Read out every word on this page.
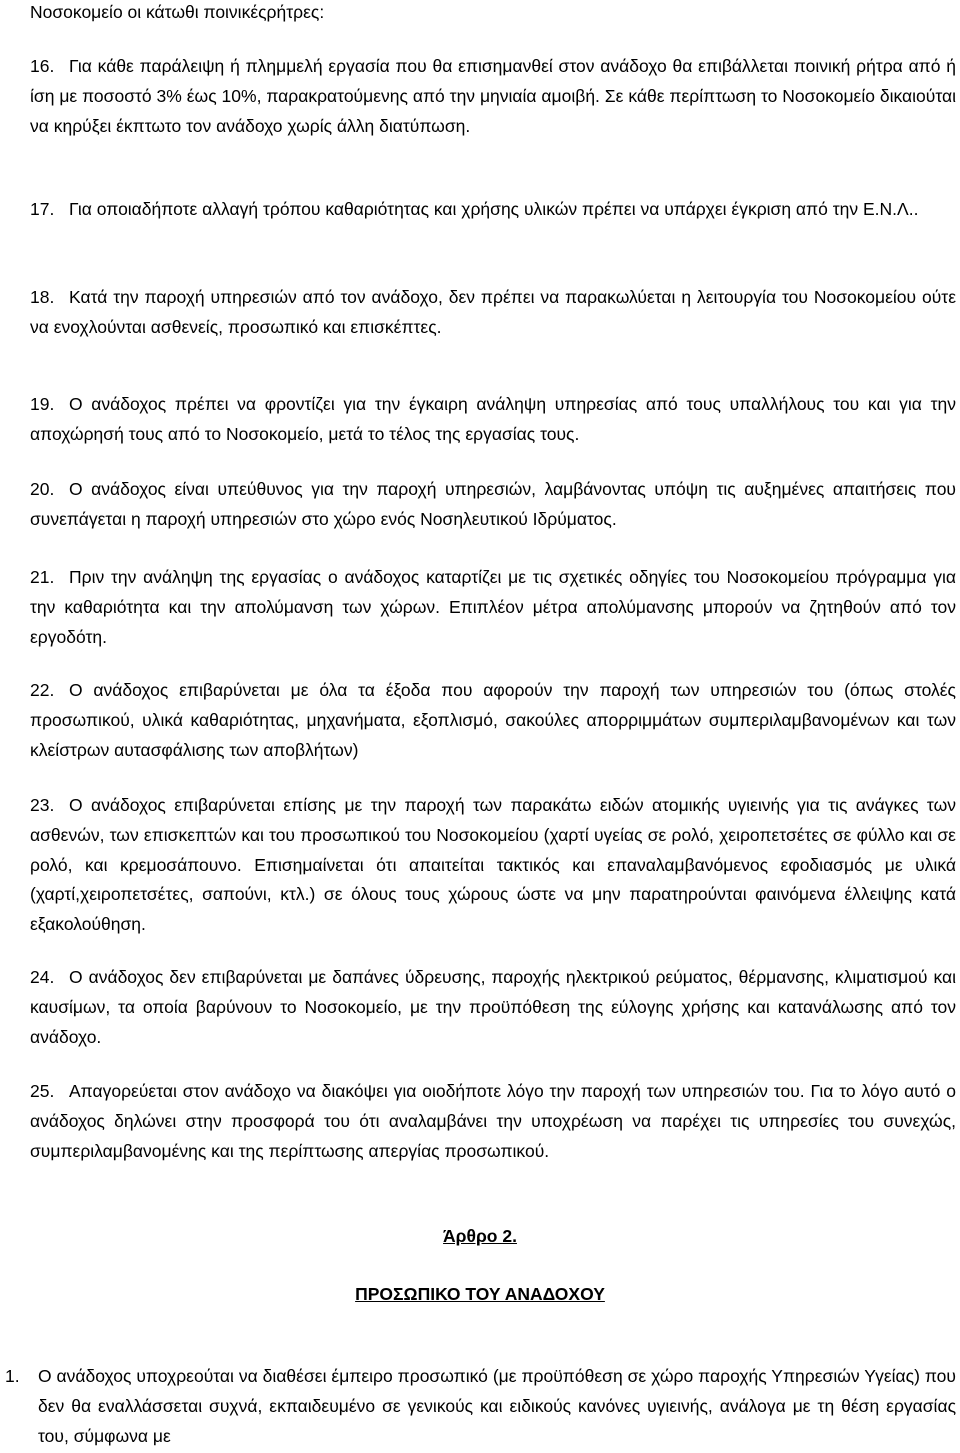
Νοσοκομείο οι κάτωθι ποινικέςρήτρες:

16. Για κάθε παράλειψη ή πλημμελή εργασία που θα επισημανθεί στον ανάδοχο θα επιβάλλεται ποινική ρήτρα από ή ίση με ποσοστό 3% έως 10%, παρακρατούμενης από την μηνιαία αμοιβή. Σε κάθε περίπτωση το Νοσοκομείο δικαιούται να κηρύξει έκπτωτο τον ανάδοχο χωρίς άλλη διατύπωση.

17. Για οποιαδήποτε αλλαγή τρόπου καθαριότητας και χρήσης υλικών πρέπει να υπάρχει έγκριση από την Ε.Ν.Λ..

18. Κατά την παροχή υπηρεσιών από τον ανάδοχο, δεν πρέπει να παρακωλύεται η λειτουργία του Νοσοκομείου ούτε να ενοχλούνται ασθενείς, προσωπικό και επισκέπτες.

19. Ο ανάδοχος πρέπει να φροντίζει για την έγκαιρη ανάληψη υπηρεσίας από τους υπαλλήλους του και για την αποχώρησή τους από το Νοσοκομείο, μετά το τέλος της εργασίας τους.

20. Ο ανάδοχος είναι υπεύθυνος για την παροχή υπηρεσιών, λαμβάνοντας υπόψη τις αυξημένες απαιτήσεις που συνεπάγεται η παροχή υπηρεσιών στο χώρο ενός Νοσηλευτικού Ιδρύματος.

21. Πριν την ανάληψη της εργασίας ο ανάδοχος καταρτίζει με τις σχετικές οδηγίες του Νοσοκομείου πρόγραμμα για την καθαριότητα και την απολύμανση των χώρων. Επιπλέον μέτρα απολύμανσης μπορούν να ζητηθούν από τον εργοδότη.

22. Ο ανάδοχος επιβαρύνεται με όλα τα έξοδα που αφορούν την παροχή των υπηρεσιών του (όπως στολές προσωπικού, υλικά καθαριότητας, μηχανήματα, εξοπλισμό, σακούλες απορριμμάτων συμπεριλαμβανομένων και των κλείστρων αυτασφάλισης των αποβλήτων)

23. Ο ανάδοχος επιβαρύνεται επίσης με την παροχή των παρακάτω ειδών ατομικής υγιεινής για τις ανάγκες των ασθενών, των επισκεπτών και του προσωπικού του Νοσοκομείου (χαρτί υγείας σε ρολό, χειροπετσέτες σε φύλλο και σε ρολό, και κρεμοσάπουνο. Επισημαίνεται ότι απαιτείται τακτικός και επαναλαμβανόμενος εφοδιασμός με υλικά (χαρτί,χειροπετσέτες, σαπούνι, κτλ.) σε όλους τους χώρους ώστε να μην παρατηρούνται φαινόμενα έλλειψης κατά εξακολούθηση.

24. Ο ανάδοχος δεν επιβαρύνεται με δαπάνες ύδρευσης, παροχής ηλεκτρικού ρεύματος, θέρμανσης, κλιματισμού και καυσίμων, τα οποία βαρύνουν το Νοσοκομείο, με την προϋπόθεση της εύλογης χρήσης και κατανάλωσης από τον ανάδοχο.

25. Απαγορεύεται στον ανάδοχο να διακόψει για οιοδήποτε λόγο την παροχή των υπηρεσιών του. Για το λόγο αυτό ο ανάδοχος δηλώνει στην προσφορά του ότι αναλαμβάνει την υποχρέωση να παρέχει τις υπηρεσίες του συνεχώς, συμπεριλαμβανομένης και της περίπτωσης απεργίας προσωπικού.

Άρθρο 2.

ΠΡΟΣΩΠΙΚΟ ΤΟΥ ΑΝΑΔΟΧΟΥ

1.	Ο ανάδοχος υποχρεούται να διαθέσει έμπειρο προσωπικό (με προϋπόθεση σε χώρο παροχής Υπηρεσιών Υγείας) που δεν θα εναλλάσσεται συχνά, εκπαιδευμένο σε γενικούς και ειδικούς κανόνες υγιεινής, ανάλογα με τη θέση εργασίας του, σύμφωνα με
